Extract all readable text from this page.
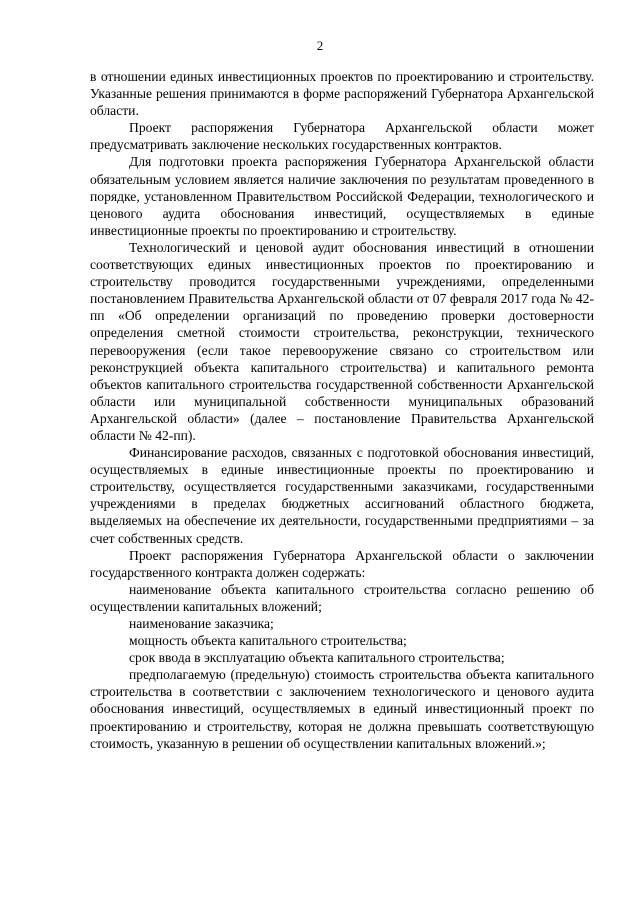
2

в отношении единых инвестиционных проектов по проектированию и строительству. Указанные решения принимаются в форме распоряжений Губернатора Архангельской области.

Проект распоряжения Губернатора Архангельской области может предусматривать заключение нескольких государственных контрактов.

Для подготовки проекта распоряжения Губернатора Архангельской области обязательным условием является наличие заключения по результатам проведенного в порядке, установленном Правительством Российской Федерации, технологического и ценового аудита обоснования инвестиций, осуществляемых в единые инвестиционные проекты по проектированию и строительству.

Технологический и ценовой аудит обоснования инвестиций в отношении соответствующих единых инвестиционных проектов по проектированию и строительству проводится государственными учреждениями, определенными постановлением Правительства Архангельской области от 07 февраля 2017 года № 42-пп «Об определении организаций по проведению проверки достоверности определения сметной стоимости строительства, реконструкции, технического перевооружения (если такое перевооружение связано со строительством или реконструкцией объекта капитального строительства) и капитального ремонта объектов капитального строительства государственной собственности Архангельской области или муниципальной собственности муниципальных образований Архангельской области» (далее – постановление Правительства Архангельской области № 42-пп).

Финансирование расходов, связанных с подготовкой обоснования инвестиций, осуществляемых в единые инвестиционные проекты по проектированию и строительству, осуществляется государственными заказчиками, государственными учреждениями в пределах бюджетных ассигнований областного бюджета, выделяемых на обеспечение их деятельности, государственными предприятиями – за счет собственных средств.

Проект распоряжения Губернатора Архангельской области о заключении государственного контракта должен содержать:

наименование объекта капитального строительства согласно решению об осуществлении капитальных вложений;

наименование заказчика;

мощность объекта капитального строительства;

срок ввода в эксплуатацию объекта капитального строительства;

предполагаемую (предельную) стоимость строительства объекта капитального строительства в соответствии с заключением технологического и ценового аудита обоснования инвестиций, осуществляемых в единый инвестиционный проект по проектированию и строительству, которая не должна превышать соответствующую стоимость, указанную в решении об осуществлении капитальных вложений.»;
